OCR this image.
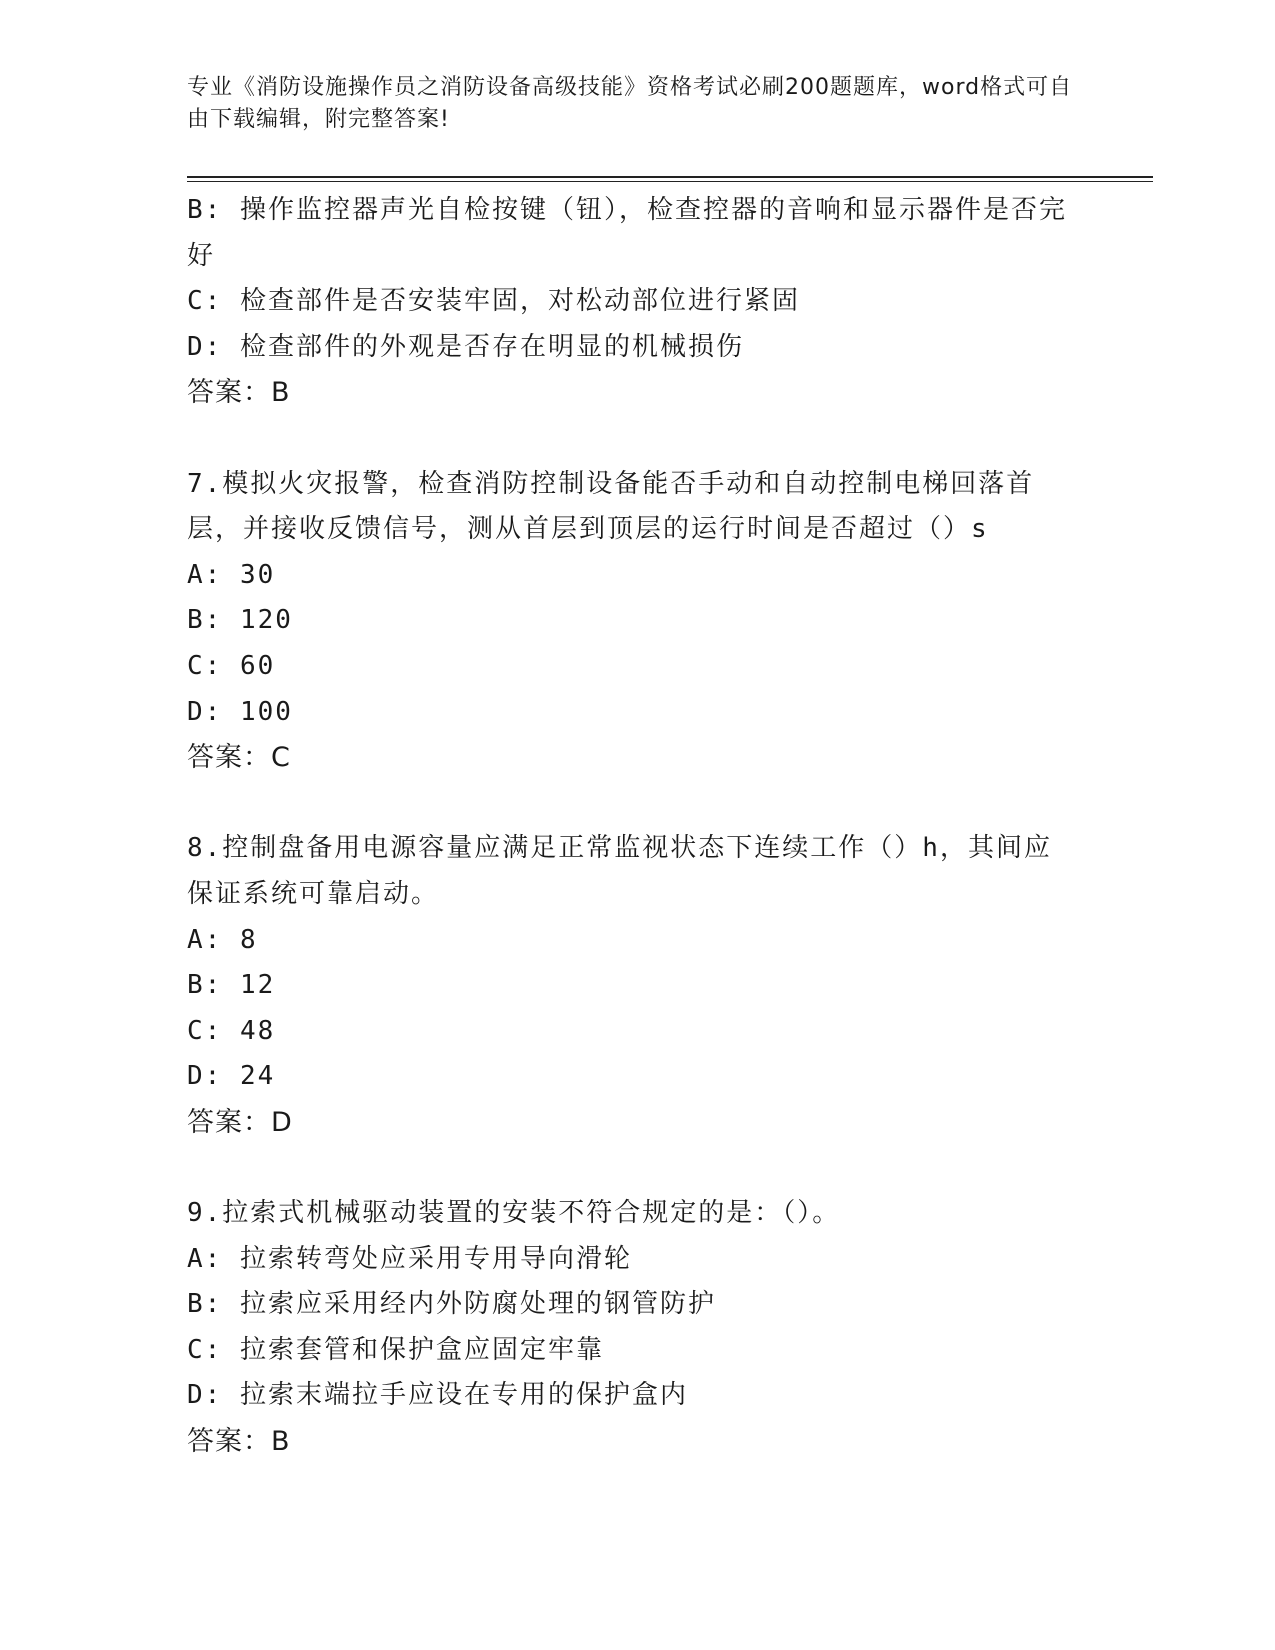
专业《消防设施操作员之消防设备高级技能》资格考试必刷200题题库，word格式可自由下载编辑，附完整答案!
B: 操作监控器声光自检按键（钮），检查控器的音响和显示器件是否完好
C: 检查部件是否安装牢固，对松动部位进行紧固
D: 检查部件的外观是否存在明显的机械损伤
答案：B
7.模拟火灾报警，检查消防控制设备能否手动和自动控制电梯回落首层，并接收反馈信号，测从首层到顶层的运行时间是否超过（）s
A: 30
B: 120
C: 60
D: 100
答案：C
8.控制盘备用电源容量应满足正常监视状态下连续工作（）h，其间应保证系统可靠启动。
A: 8
B: 12
C: 48
D: 24
答案：D
9.拉索式机械驱动装置的安装不符合规定的是：（）。
A: 拉索转弯处应采用专用导向滑轮
B: 拉索应采用经内外防腐处理的钢管防护
C: 拉索套管和保护盒应固定牢靠
D: 拉索末端拉手应设在专用的保护盒内
答案：B
